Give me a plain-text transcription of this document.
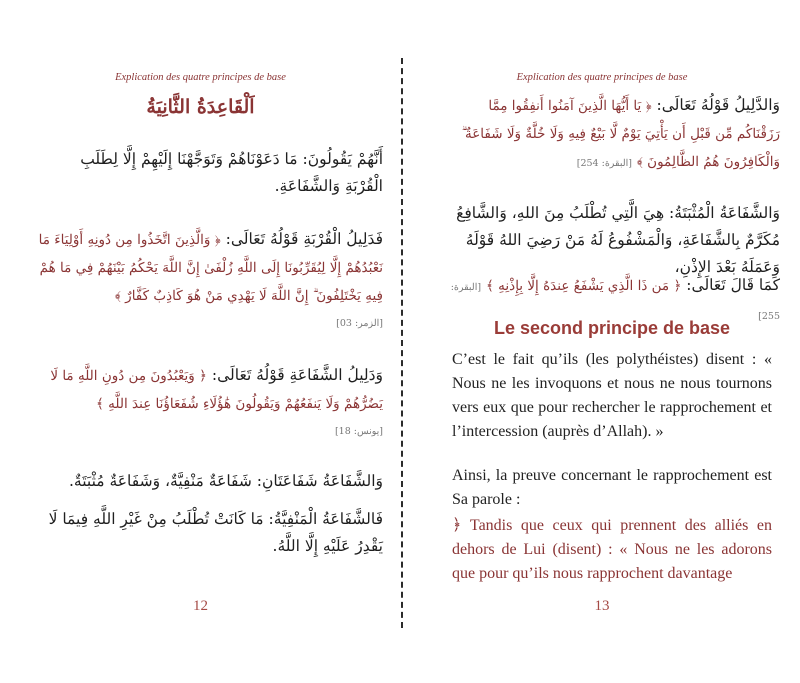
Explication des quatre principes de base
اَلْقَاعِدَةُ الثَّانِيَةُ
أَنَّهُمْ يَقُولُونَ: مَا دَعَوْنَاهُمْ وَتَوَجَّهْنَا إِلَيْهِمْ إِلَّا لِطَلَبِ الْقُرْبَةِ وَالشَّفَاعَةِ.
فَدَلِيلُ الْقُرْبَةِ قَوْلُهُ تَعَالَى: ﴿ وَالَّذِينَ اتَّخَذُوا مِن دُونِهِ أَوْلِيَاءَ مَا نَعْبُدُهُمْ إِلَّا لِيُقَرِّبُونَا إِلَى اللَّهِ زُلْفَىٰ إِنَّ اللَّهَ يَحْكُمُ بَيْنَهُمْ فِي مَا هُمْ فِيهِ يَخْتَلِفُونَ ۗ إِنَّ اللَّهَ لَا يَهْدِي مَنْ هُوَ كَاذِبٌ كَفَّارٌ ﴾
[الزمر: 03]
وَدَلِيلُ الشَّفَاعَةِ قَوْلُهُ تَعَالَى: ﴿ وَيَعْبُدُونَ مِن دُونِ اللَّهِ مَا لَا يَضُرُّهُمْ وَلَا يَنفَعُهُمْ وَيَقُولُونَ هَٰؤُلَاءِ شُفَعَاؤُنَا عِندَ اللَّهِ ﴾
[يونس: 18]
وَالشَّفَاعَةُ شَفَاعَتَانِ: شَفَاعَةٌ مَنْفِيَّةٌ، وَشَفَاعَةٌ مُثْبَتَةٌ.
فَالشَّفَاعَةُ الْمَنْفِيَّةُ: مَا كَانَتْ تُطْلَبُ مِنْ غَيْرِ اللَّهِ فِيمَا لَا يَقْدِرُ عَلَيْهِ إِلَّا اللَّهُ.
12
Explication des quatre principes de base
وَالدَّلِيلُ قَوْلُهُ تَعَالَى: ﴿ يَا أَيُّهَا الَّذِينَ آمَنُوا أَنفِقُوا مِمَّا رَزَقْنَاكُم مِّن قَبْلِ أَن يَأْتِيَ يَوْمٌ لَّا بَيْعٌ فِيهِ وَلَا خُلَّةٌ وَلَا شَفَاعَةٌ ۗ وَالْكَافِرُونَ هُمُ الظَّالِمُونَ ﴾ [البقرة: 254]
وَالشَّفَاعَةُ الْمُثْبَتَةُ: هِيَ الَّتِي تُطْلَبُ مِنَ اللهِ، وَالشَّافِعُ مُكَرَّمٌ بِالشَّفَاعَةِ، وَالْمَشْفُوعُ لَهُ مَنْ رَضِيَ اللهُ قَوْلَهُ وَعَمَلَهُ بَعْدَ الإِذْنِ،
كَمَا قَالَ تَعَالَى: ﴿ مَن ذَا الَّذِي يَشْفَعُ عِندَهُ إِلَّا بِإِذْنِهِ ﴾ [البقرة: 255]
13
Le second principe de base
C’est le fait qu’ils (les polythéistes) disent : « Nous ne les invoquons et nous ne nous tournons vers eux que pour rechercher le rapprochement et l’intercession (auprès d’Allah). »
Ainsi, la preuve concernant le rapprochement est Sa parole :
﴿ Tandis que ceux qui prennent des alliés en dehors de Lui (disent) : « Nous ne les adorons que pour qu’ils nous rapprochent davantage
